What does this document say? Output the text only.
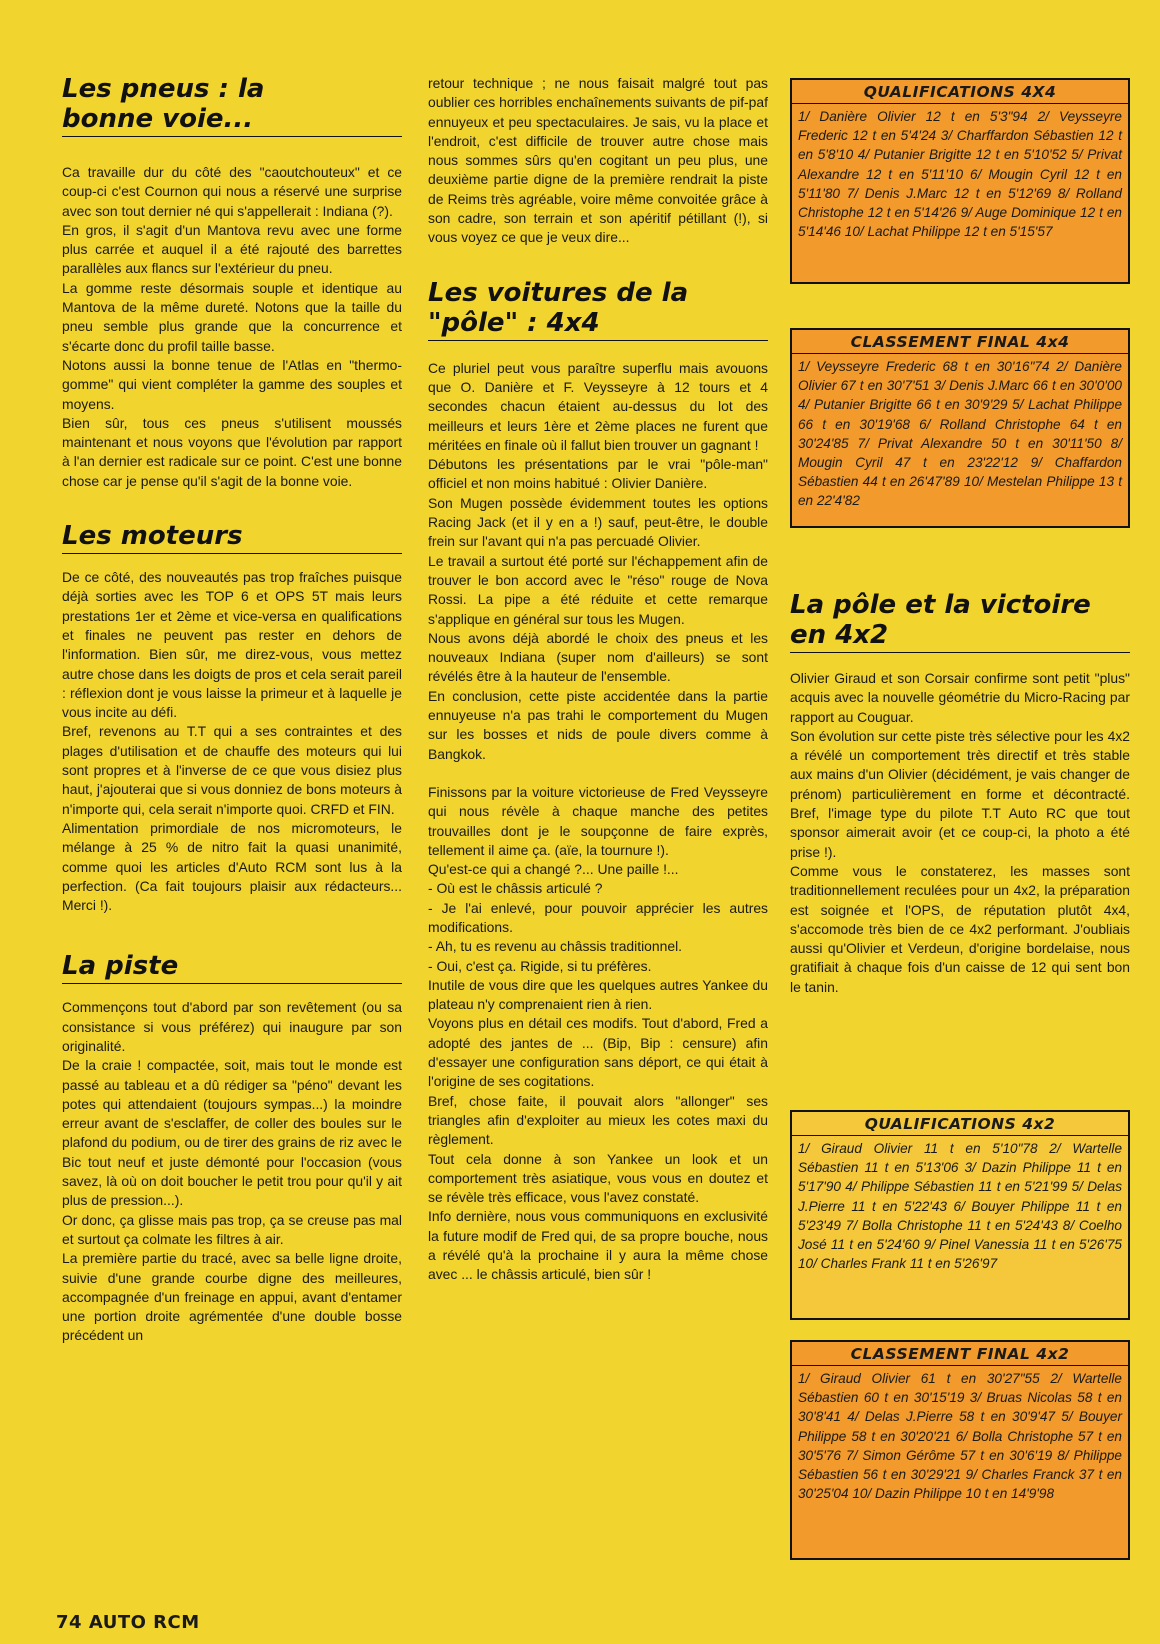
Les pneus : la bonne voie...

Ca travaille dur du côté des "caoutchouteux" et ce coup-ci c'est Cournon qui nous a réservé une surprise avec son tout dernier né qui s'appellerait : Indiana (?).

En gros, il s'agit d'un Mantova revu avec une forme plus carrée et auquel il a été rajouté des barrettes parallèles aux flancs sur l'extérieur du pneu.

La gomme reste désormais souple et identique au Mantova de la même dureté. Notons que la taille du pneu semble plus grande que la concurrence et s'écarte donc du profil taille basse.

Notons aussi la bonne tenue de l'Atlas en "thermo-gomme" qui vient compléter la gamme des souples et moyens.

Bien sûr, tous ces pneus s'utilisent moussés maintenant et nous voyons que l'évolution par rapport à l'an dernier est radicale sur ce point. C'est une bonne chose car je pense qu'il s'agit de la bonne voie.

Les moteurs

De ce côté, des nouveautés pas trop fraîches puisque déjà sorties avec les TOP 6 et OPS 5T mais leurs prestations 1er et 2ème et vice-versa en qualifications et finales ne peuvent pas rester en dehors de l'information. Bien sûr, me direz-vous, vous mettez autre chose dans les doigts de pros et cela serait pareil : réflexion dont je vous laisse la primeur et à laquelle je vous incite au défi.

Bref, revenons au T.T qui a ses contraintes et des plages d'utilisation et de chauffe des moteurs qui lui sont propres et à l'inverse de ce que vous disiez plus haut, j'ajouterai que si vous donniez de bons moteurs à n'importe qui, cela serait n'importe quoi. CRFD et FIN.

Alimentation primordiale de nos micromoteurs, le mélange à 25 % de nitro fait la quasi unanimité, comme quoi les articles d'Auto RCM sont lus à la perfection. (Ca fait toujours plaisir aux rédacteurs... Merci !).

La piste

Commençons tout d'abord par son revêtement (ou sa consistance si vous préférez) qui inaugure par son originalité.

De la craie ! compactée, soit, mais tout le monde est passé au tableau et a dû rédiger sa "péno" devant les potes qui attendaient (toujours sympas...) la moindre erreur avant de s'esclaffer, de coller des boules sur le plafond du podium, ou de tirer des grains de riz avec le Bic tout neuf et juste démonté pour l'occasion (vous savez, là où on doit boucher le petit trou pour qu'il y ait plus de pression...).

Or donc, ça glisse mais pas trop, ça se creuse pas mal et surtout ça colmate les filtres à air.

La première partie du tracé, avec sa belle ligne droite, suivie d'une grande courbe digne des meilleures, accompagnée d'un freinage en appui, avant d'entamer une portion droite agrémentée d'une double bosse précédent un

retour technique ; ne nous faisait malgré tout pas oublier ces horribles enchaînements suivants de pif-paf ennuyeux et peu spectaculaires. Je sais, vu la place et l'endroit, c'est difficile de trouver autre chose mais nous sommes sûrs qu'en cogitant un peu plus, une deuxième partie digne de la première rendrait la piste de Reims très agréable, voire même convoitée grâce à son cadre, son terrain et son apéritif pétillant (!), si vous voyez ce que je veux dire...

Les voitures de la "pôle" : 4x4

Ce pluriel peut vous paraître superflu mais avouons que O. Danière et F. Veysseyre à 12 tours et 4 secondes chacun étaient au-dessus du lot des meilleurs et leurs 1ère et 2ème places ne furent que méritées en finale où il fallut bien trouver un gagnant !

Débutons les présentations par le vrai "pôle-man" officiel et non moins habitué : Olivier Danière.

Son Mugen possède évidemment toutes les options Racing Jack (et il y en a !) sauf, peut-être, le double frein sur l'avant qui n'a pas percuadé Olivier.

Le travail a surtout été porté sur l'échappement afin de trouver le bon accord avec le "réso" rouge de Nova Rossi. La pipe a été réduite et cette remarque s'applique en général sur tous les Mugen.

Nous avons déjà abordé le choix des pneus et les nouveaux Indiana (super nom d'ailleurs) se sont révélés être à la hauteur de l'ensemble.

En conclusion, cette piste accidentée dans la partie ennuyeuse n'a pas trahi le comportement du Mugen sur les bosses et nids de poule divers comme à Bangkok.

Finissons par la voiture victorieuse de Fred Veysseyre qui nous révèle à chaque manche des petites trouvailles dont je le soupçonne de faire exprès, tellement il aime ça. (aïe, la tournure !).

Qu'est-ce qui a changé ?... Une paille !...

- Où est le châssis articulé ?

- Je l'ai enlevé, pour pouvoir apprécier les autres modifications.

- Ah, tu es revenu au châssis traditionnel.

- Oui, c'est ça. Rigide, si tu préfères.

Inutile de vous dire que les quelques autres Yankee du plateau n'y comprenaient rien à rien.

Voyons plus en détail ces modifs. Tout d'abord, Fred a adopté des jantes de ... (Bip, Bip : censure) afin d'essayer une configuration sans déport, ce qui était à l'origine de ses cogitations.

Bref, chose faite, il pouvait alors "allonger" ses triangles afin d'exploiter au mieux les cotes maxi du règlement.

Tout cela donne à son Yankee un look et un comportement très asiatique, vous vous en doutez et se révèle très efficace, vous l'avez constaté.

Info dernière, nous vous communiquons en exclusivité la future modif de Fred qui, de sa propre bouche, nous a révélé qu'à la prochaine il y aura la même chose avec ... le châssis articulé, bien sûr !

QUALIFICATIONS 4X4
1/ Danière Olivier 12 t en 5'3"94 2/ Veysseyre Frederic 12 t en 5'4'24 3/ Charffardon Sébastien 12 t en 5'8'10 4/ Putanier Brigitte 12 t en 5'10'52 5/ Privat Alexandre 12 t en 5'11'10 6/ Mougin Cyril 12 t en 5'11'80 7/ Denis J.Marc 12 t en 5'12'69 8/ Rolland Christophe 12 t en 5'14'26 9/ Auge Dominique 12 t en 5'14'46 10/ Lachat Philippe 12 t en 5'15'57
CLASSEMENT FINAL 4x4
1/ Veysseyre Frederic 68 t en 30'16"74 2/ Danière Olivier 67 t en 30'7'51 3/ Denis J.Marc 66 t en 30'0'00 4/ Putanier Brigitte 66 t en 30'9'29 5/ Lachat Philippe 66 t en 30'19'68 6/ Rolland Christophe 64 t en 30'24'85 7/ Privat Alexandre 50 t en 30'11'50 8/ Mougin Cyril 47 t en 23'22'12 9/ Chaffardon Sébastien 44 t en 26'47'89 10/ Mestelan Philippe 13 t en 22'4'82
La pôle et la victoire en 4x2

Olivier Giraud et son Corsair confirme sont petit "plus" acquis avec la nouvelle géométrie du Micro-Racing par rapport au Couguar.

Son évolution sur cette piste très sélective pour les 4x2 a révélé un comportement très directif et très stable aux mains d'un Olivier (décidément, je vais changer de prénom) particulièrement en forme et décontracté. Bref, l'image type du pilote T.T Auto RC que tout sponsor aimerait avoir (et ce coup-ci, la photo a été prise !).

Comme vous le constaterez, les masses sont traditionnellement reculées pour un 4x2, la préparation est soignée et l'OPS, de réputation plutôt 4x4, s'accomode très bien de ce 4x2 performant. J'oubliais aussi qu'Olivier et Verdeun, d'origine bordelaise, nous gratifiait à chaque fois d'un caisse de 12 qui sent bon le tanin.

QUALIFICATIONS 4x2
1/ Giraud Olivier 11 t en 5'10"78 2/ Wartelle Sébastien 11 t en 5'13'06 3/ Dazin Philippe 11 t en 5'17'90 4/ Philippe Sébastien 11 t en 5'21'99 5/ Delas J.Pierre 11 t en 5'22'43 6/ Bouyer Philippe 11 t en 5'23'49 7/ Bolla Christophe 11 t en 5'24'43 8/ Coelho José 11 t en 5'24'60 9/ Pinel Vanessia 11 t en 5'26'75 10/ Charles Frank 11 t en 5'26'97
CLASSEMENT FINAL 4x2
1/ Giraud Olivier 61 t en 30'27"55 2/ Wartelle Sébastien 60 t en 30'15'19 3/ Bruas Nicolas 58 t en 30'8'41 4/ Delas J.Pierre 58 t en 30'9'47 5/ Bouyer Philippe 58 t en 30'20'21 6/ Bolla Christophe 57 t en 30'5'76 7/ Simon Gérôme 57 t en 30'6'19 8/ Philippe Sébastien 56 t en 30'29'21 9/ Charles Franck 37 t en 30'25'04 10/ Dazin Philippe 10 t en 14'9'98
74 AUTO RCM
